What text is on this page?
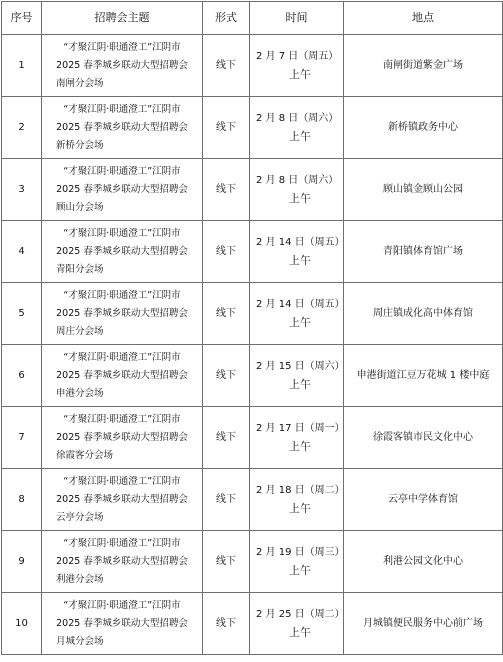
序号	招聘会主题	形式	时间	地点
1	“才聚江阴·职通澄工”江阴市
2025 春季城乡联动大型招聘会
南闸分会场	线下	2 月 7 日（周五）
上午	南闸街道紫金广场
2	“才聚江阴·职通澄工”江阴市
2025 春季城乡联动大型招聘会
新桥分会场	线下	2 月 8 日（周六）
上午	新桥镇政务中心
3	“才聚江阴·职通澄工”江阴市
2025 春季城乡联动大型招聘会
顾山分会场	线下	2 月 8 日（周六）
上午	顾山镇金顾山公园
4	“才聚江阴·职通澄工”江阴市
2025 春季城乡联动大型招聘会
青阳分会场	线下	2 月 14 日（周五）
上午	青阳镇体育馆广场
5	“才聚江阴·职通澄工”江阴市
2025 春季城乡联动大型招聘会
周庄分会场	线下	2 月 14 日（周五）
上午	周庄镇成化高中体育馆
6	“才聚江阴·职通澄工”江阴市
2025 春季城乡联动大型招聘会
申港分会场	线下	2 月 15 日（周六）
上午	申港街道江豆万花城 1 楼中庭
7	“才聚江阴·职通澄工”江阴市
2025 春季城乡联动大型招聘会
徐霞客分会场	线下	2 月 17 日（周一）
上午	徐霞客镇市民文化中心
8	“才聚江阴·职通澄工”江阴市
2025 春季城乡联动大型招聘会
云亭分会场	线下	2 月 18 日（周二）
上午	云亭中学体育馆
9	“才聚江阴·职通澄工”江阴市
2025 春季城乡联动大型招聘会
利港分会场	线下	2 月 19 日（周三）
上午	利港公园文化中心
10	“才聚江阴·职通澄工”江阴市
2025 春季城乡联动大型招聘会
月城分会场	线下	2 月 25 日（周二）
上午	月城镇便民服务中心前广场
